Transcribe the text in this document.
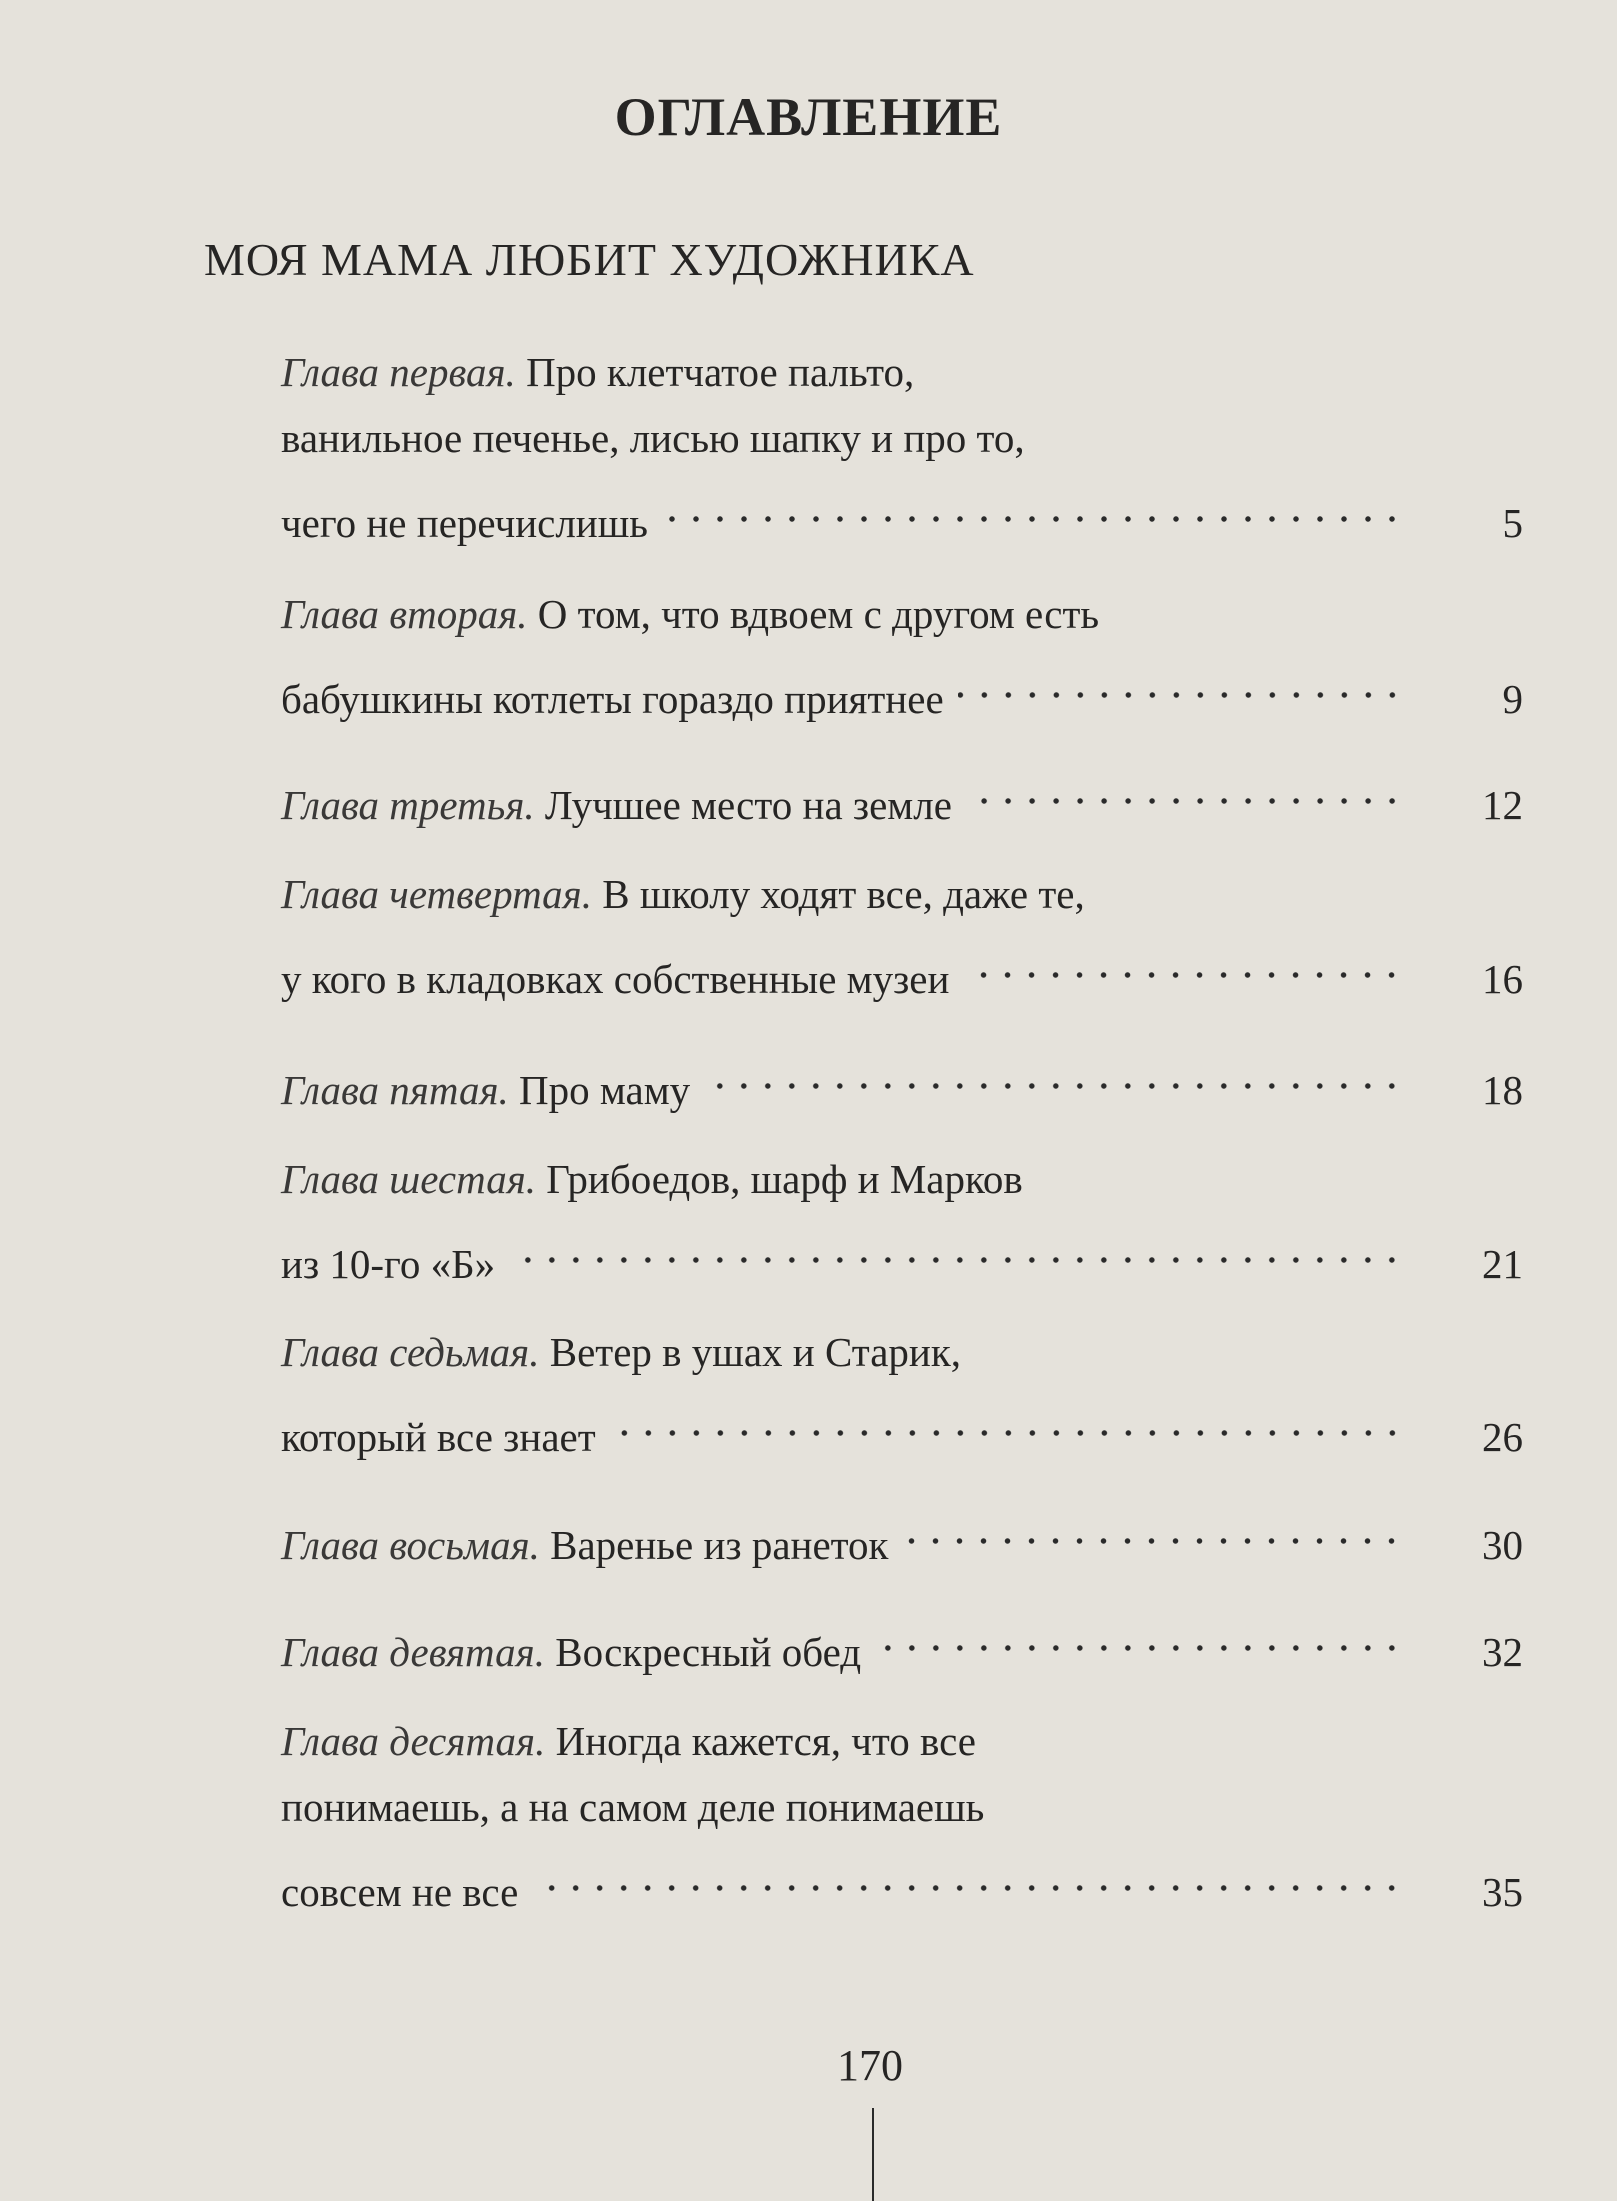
ОГЛАВЛЕНИЕ
МОЯ МАМА ЛЮБИТ ХУДОЖНИКА
Глава первая. Про клетчатое пальто,
ванильное печенье, лисью шапку и про то,
чего не перечислишь	5
Глава вторая. О том, что вдвоем с другом есть
бабушкины котлеты гораздо приятнее	9
Глава третья. Лучшее место на земле	12
Глава четвертая. В школу ходят все, даже те,
у кого в кладовках собственные музеи	16
Глава пятая. Про маму	18
Глава шестая. Грибоедов, шарф и Марков
из 10-го «Б»	21
Глава седьмая. Ветер в ушах и Старик,
который все знает	26
Глава восьмая. Варенье из ранеток	30
Глава девятая. Воскресный обед	32
Глава десятая. Иногда кажется, что все
понимаешь, а на самом деле понимаешь
совсем не все	35
170
